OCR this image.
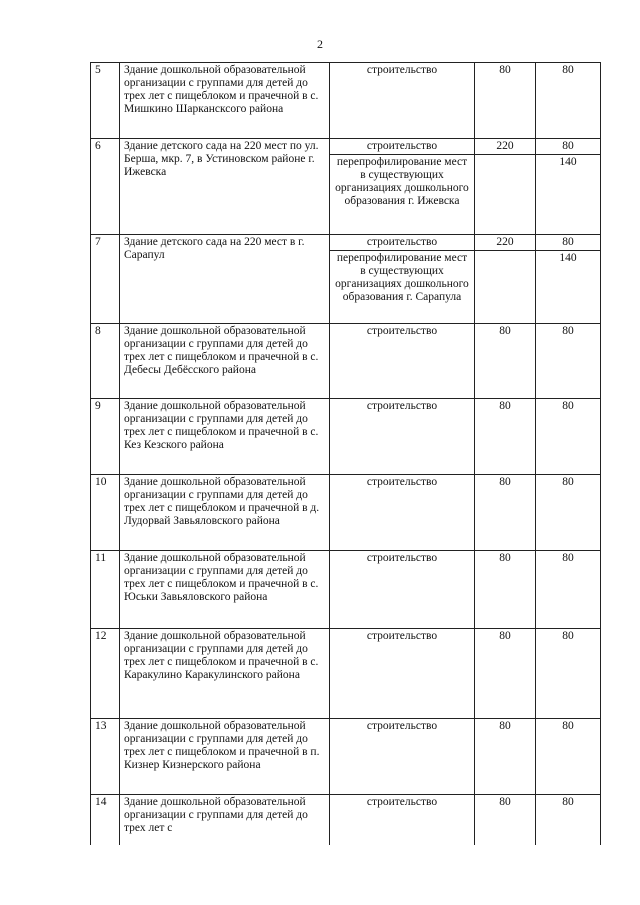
2
5	Здание дошкольной образовательной организации с группами для детей до трех лет с пищеблоком и прачечной в с. Мишкино Шаркансксого района	строительство	80	80
6	Здание детского сада на 220 мест по ул. Берша, мкр. 7, в Устиновском районе г. Ижевска	строительство	220	80
		перепрофилирование мест в существующих организациях дошкольного образования г. Ижевска		140
7	Здание детского сада на 220 мест в г. Сарапул	строительство	220	80
		перепрофилирование мест в существующих организациях дошкольного образования г. Сарапула		140
8	Здание дошкольной образовательной организации с группами для детей до трех лет с пищеблоком и прачечной в с. Дебесы Дебёсского района	строительство	80	80
9	Здание дошкольной образовательной организации с группами для детей до трех лет с пищеблоком и прачечной в с. Кез Кезского района	строительство	80	80
10	Здание дошкольной образовательной организации с группами для детей до трех лет с пищеблоком и прачечной в д. Лудорвай Завьяловского района	строительство	80	80
11	Здание дошкольной образовательной организации с группами для детей до трех лет с пищеблоком и прачечной в с. Юськи Завьяловского района	строительство	80	80
12	Здание дошкольной образовательной организации с группами для детей до трех лет с пищеблоком и прачечной в с. Каракулино Каракулинского района	строительство	80	80
13	Здание дошкольной образовательной организации с группами для детей до трех лет с пищеблоком и прачечной в п. Кизнер Кизнерского района	строительство	80	80
14	Здание дошкольной образовательной организации с группами для детей до трех лет с	строительство	80	80
